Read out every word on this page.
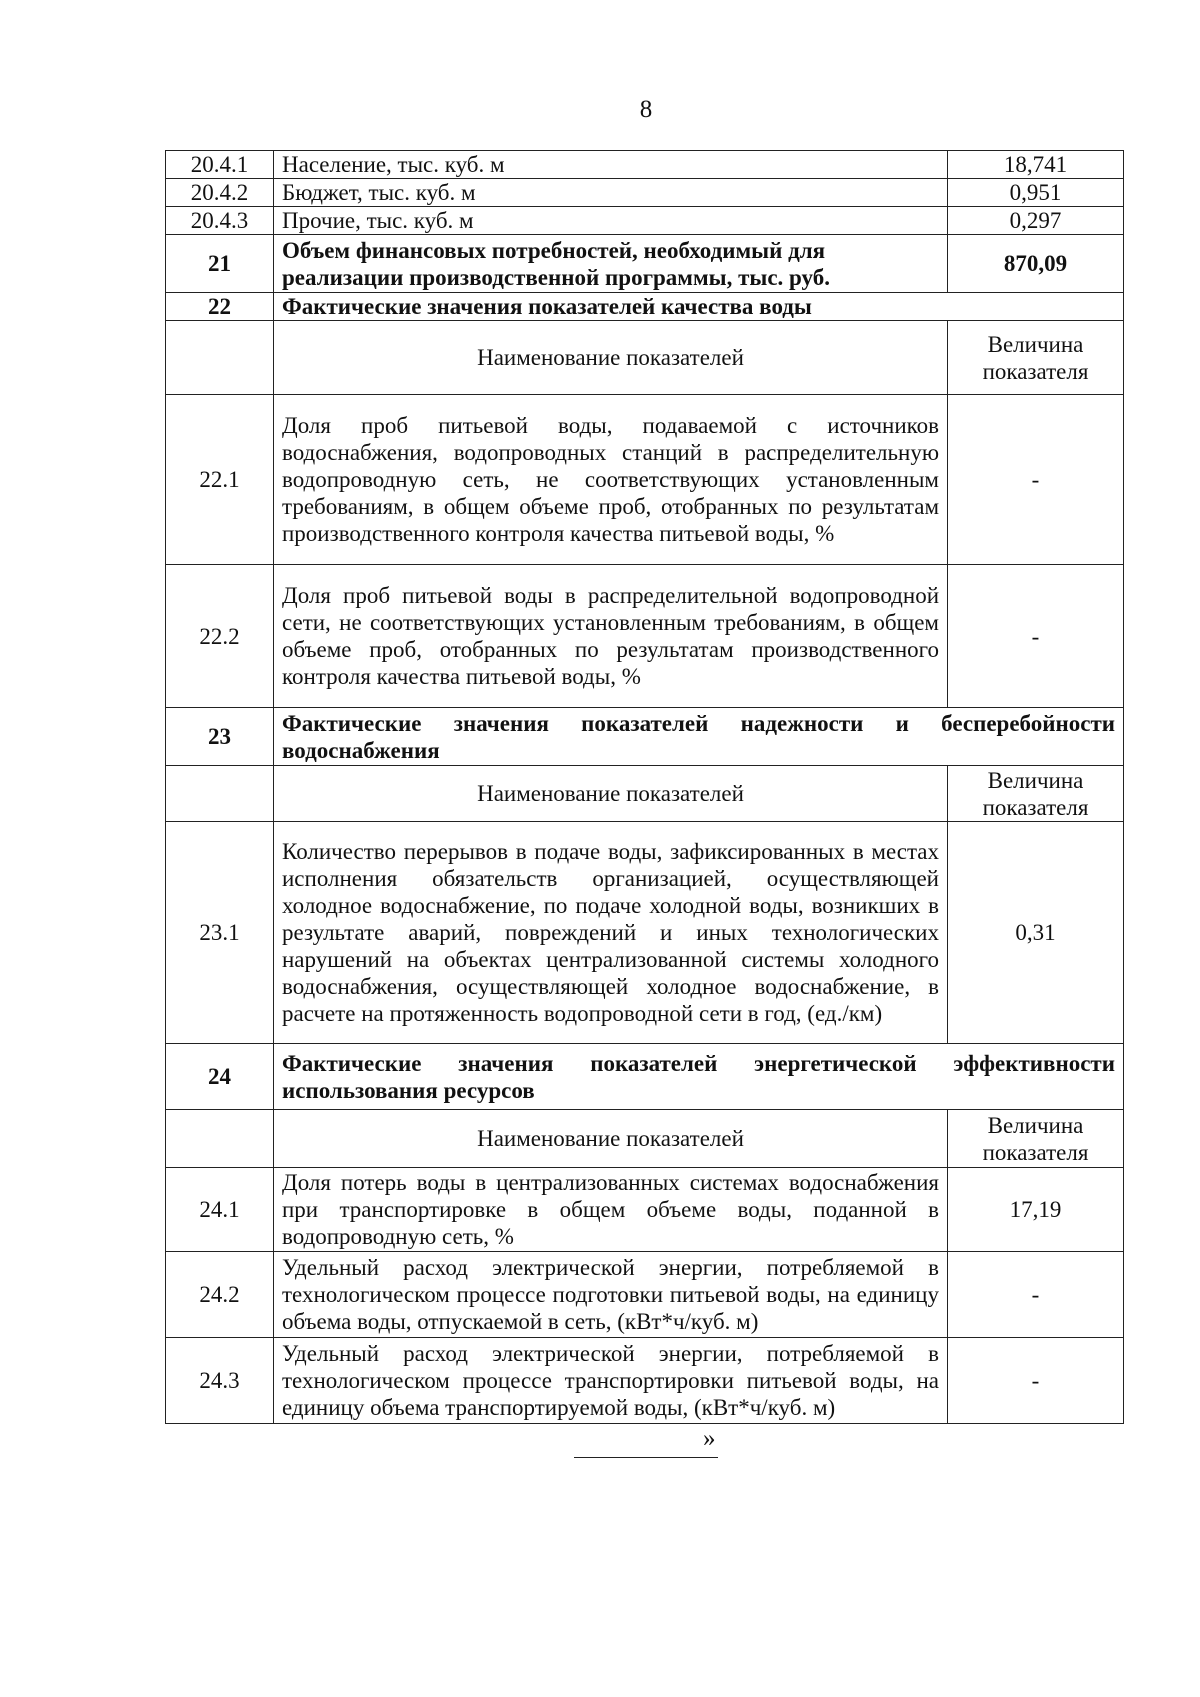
8
20.4.1	Население, тыс. куб. м	18,741
20.4.2	Бюджет, тыс. куб. м	0,951
20.4.3	Прочие, тыс. куб. м	0,297
21	Объем финансовых потребностей, необходимый для реализации производственной программы, тыс. руб.	870,09
22	Фактические значения показателей качества воды	
	Наименование показателей	Величина показателя
22.1	Доля проб питьевой воды, подаваемой с источников водоснабжения, водопроводных станций в распределительную водопроводную сеть, не соответствующих установленным требованиям, в общем объеме проб, отобранных по результатам производственного контроля качества питьевой воды, %	-
22.2	Доля проб питьевой воды в распределительной водопроводной сети, не соответствующих установленным требованиям, в общем объеме проб, отобранных по результатам производственного контроля качества питьевой воды, %	-
23	Фактические значения показателей надежности и бесперебойности водоснабжения	
	Наименование показателей	Величина показателя
23.1	Количество перерывов в подаче воды, зафиксированных в местах исполнения обязательств организацией, осуществляющей холодное водоснабжение, по подаче холодной воды, возникших в результате аварий, повреждений и иных технологических нарушений на объектах централизованной системы холодного водоснабжения, осуществляющей холодное водоснабжение, в расчете на протяженность водопроводной сети в год, (ед./км)	0,31
24	Фактические значения показателей энергетической эффективности использования ресурсов	
	Наименование показателей	Величина показателя
24.1	Доля потерь воды в централизованных системах водоснабжения при транспортировке в общем объеме воды, поданной в водопроводную сеть, %	17,19
24.2	Удельный расход электрической энергии, потребляемой в технологическом процессе подготовки питьевой воды, на единицу объема воды, отпускаемой в сеть, (кВт*ч/куб. м)	-
24.3	Удельный расход электрической энергии, потребляемой в технологическом процессе транспортировки питьевой воды, на единицу объема транспортируемой воды, (кВт*ч/куб. м)	-
»
